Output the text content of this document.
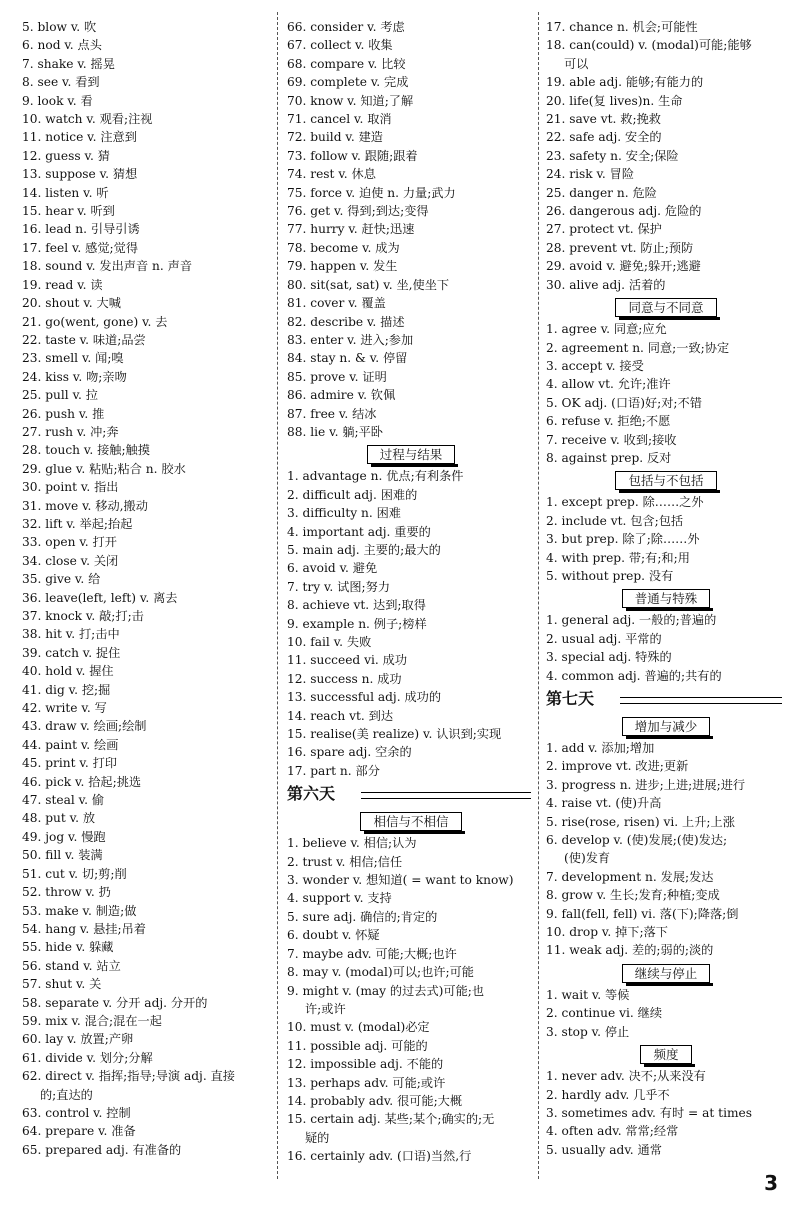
5. blow v. 吹
6. nod v. 点头
7. shake v. 摇晃
8. see v. 看到
9. look v. 看
10. watch v. 观看;注视
11. notice v. 注意到
12. guess v. 猜
13. suppose v. 猜想
14. listen v. 听
15. hear v. 听到
16. lead n. 引导引诱
17. feel v. 感觉;觉得
18. sound v. 发出声音 n. 声音
19. read v. 读
20. shout v. 大喊
21. go(went, gone) v. 去
22. taste v. 味道;品尝
23. smell v. 闻;嗅
24. kiss v. 吻;亲吻
25. pull v. 拉
26. push v. 推
27. rush v. 冲;奔
28. touch v. 接触;触摸
29. glue v. 粘贴;粘合 n. 胶水
30. point v. 指出
31. move v. 移动,搬动
32. lift v. 举起;抬起
33. open v. 打开
34. close v. 关闭
35. give v. 给
36. leave(left, left) v. 离去
37. knock v. 敲;打;击
38. hit v. 打;击中
39. catch v. 捉住
40. hold v. 握住
41. dig v. 挖;掘
42. write v. 写
43. draw v. 绘画;绘制
44. paint v. 绘画
45. print v. 打印
46. pick v. 拾起;挑选
47. steal v. 偷
48. put v. 放
49. jog v. 慢跑
50. fill v. 装满
51. cut v. 切;剪;削
52. throw v. 扔
53. make v. 制造;做
54. hang v. 悬挂;吊着
55. hide v. 躲藏
56. stand v. 站立
57. shut v. 关
58. separate v. 分开 adj. 分开的
59. mix v. 混合;混在一起
60. lay v. 放置;产卵
61. divide v. 划分;分解
62. direct v. 指挥;指导;导演 adj. 直接
的;直达的
63. control v. 控制
64. prepare v. 准备
65. prepared adj. 有准备的
66. consider v. 考虑
67. collect v. 收集
68. compare v. 比较
69. complete v. 完成
70. know v. 知道;了解
71. cancel v. 取消
72. build v. 建造
73. follow v. 跟随;跟着
74. rest v. 休息
75. force v. 迫使 n. 力量;武力
76. get v. 得到;到达;变得
77. hurry v. 赶快;迅速
78. become v. 成为
79. happen v. 发生
80. sit(sat, sat) v. 坐,使坐下
81. cover v. 覆盖
82. describe v. 描述
83. enter v. 进入;参加
84. stay n. & v. 停留
85. prove v. 证明
86. admire v. 钦佩
87. free v. 结冰
88. lie v. 躺;平卧
过程与结果
1. advantage n. 优点;有利条件
2. difficult adj. 困难的
3. difficulty n. 困难
4. important adj. 重要的
5. main adj. 主要的;最大的
6. avoid v. 避免
7. try v. 试图;努力
8. achieve vt. 达到;取得
9. example n. 例子;榜样
10. fail v. 失败
11. succeed vi. 成功
12. success n. 成功
13. successful adj. 成功的
14. reach vt. 到达
15. realise(美 realize) v. 认识到;实现
16. spare adj. 空余的
17. part n. 部分
第六天
相信与不相信
1. believe v. 相信;认为
2. trust v. 相信;信任
3. wonder v. 想知道( = want to know)
4. support v. 支持
5. sure adj. 确信的;肯定的
6. doubt v. 怀疑
7. maybe adv. 可能;大概;也许
8. may v. (modal)可以;也许;可能
9. might v. (may 的过去式)可能;也
许;或许
10. must v. (modal)必定
11. possible adj. 可能的
12. impossible adj. 不能的
13. perhaps adv. 可能;或许
14. probably adv. 很可能;大概
15. certain adj. 某些;某个;确实的;无
疑的
16. certainly adv. (口语)当然,行
17. chance n. 机会;可能性
18. can(could) v. (modal)可能;能够
可以
19. able adj. 能够;有能力的
20. life(复 lives)n. 生命
21. save vt. 救;挽救
22. safe adj. 安全的
23. safety n. 安全;保险
24. risk v. 冒险
25. danger n. 危险
26. dangerous adj. 危险的
27. protect vt. 保护
28. prevent vt. 防止;预防
29. avoid v. 避免;躲开;逃避
30. alive adj. 活着的
同意与不同意
1. agree v. 同意;应允
2. agreement n. 同意;一致;协定
3. accept v. 接受
4. allow vt. 允许;准许
5. OK adj. (口语)好;对;不错
6. refuse v. 拒绝;不愿
7. receive v. 收到;接收
8. against prep. 反对
包括与不包括
1. except prep. 除……之外
2. include vt. 包含;包括
3. but prep. 除了;除……外
4. with prep. 带;有;和;用
5. without prep. 没有
普通与特殊
1. general adj. 一般的;普遍的
2. usual adj. 平常的
3. special adj. 特殊的
4. common adj. 普遍的;共有的
第七天
增加与减少
1. add v. 添加;增加
2. improve vt. 改进;更新
3. progress n. 进步;上进;进展;进行
4. raise vt. (使)升高
5. rise(rose, risen) vi. 上升;上涨
6. develop v. (使)发展;(使)发达;
(使)发育
7. development n. 发展;发达
8. grow v. 生长;发育;种植;变成
9. fall(fell, fell) vi. 落(下);降落;倒
10. drop v. 掉下;落下
11. weak adj. 差的;弱的;淡的
继续与停止
1. wait v. 等候
2. continue vi. 继续
3. stop v. 停止
频度
1. never adv. 决不;从来没有
2. hardly adv. 几乎不
3. sometimes adv. 有时 = at times
4. often adv. 常常;经常
5. usually adv. 通常
3
